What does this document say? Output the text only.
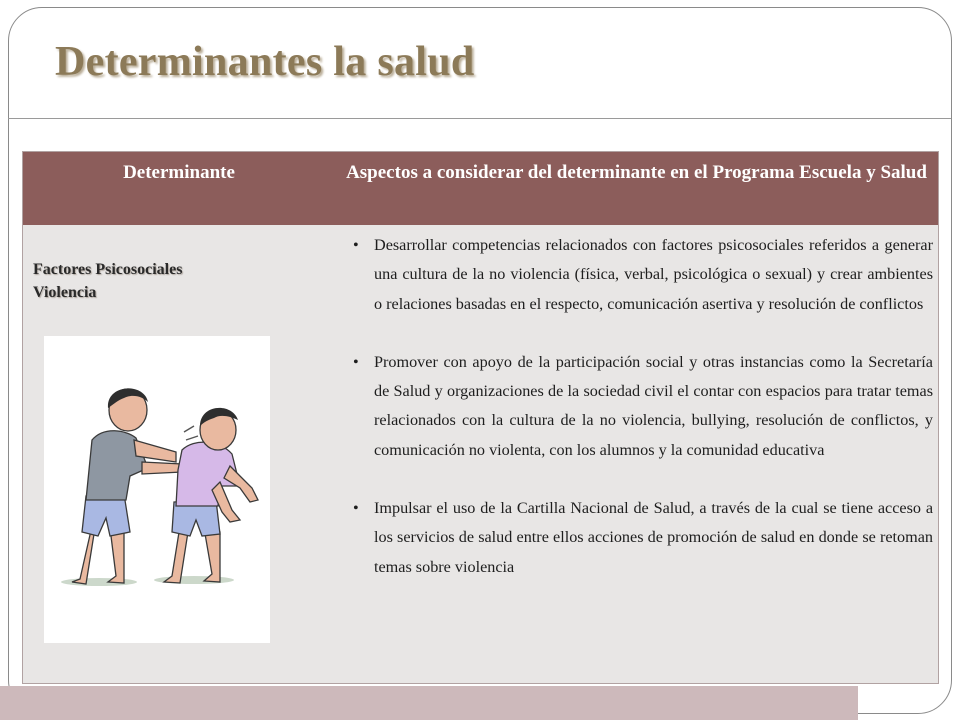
Determinantes la salud
Determinante	Aspectos a considerar del determinante en el Programa Escuela y Salud
Factores Psicosociales
Violencia
• Desarrollar competencias relacionados con factores psicosociales referidos a generar una cultura de la no violencia (física, verbal, psicológica o sexual) y crear ambientes o relaciones basadas en el respecto, comunicación asertiva y resolución de conflictos
• Promover con apoyo de la participación social y otras instancias como la Secretaría de Salud y organizaciones de la sociedad civil el contar con espacios para tratar temas relacionados con la cultura de la no violencia, bullying, resolución de conflictos, y comunicación no violenta, con los alumnos y la comunidad educativa
• Impulsar el uso de la Cartilla Nacional de Salud, a través de la cual se tiene acceso a los servicios de salud entre ellos acciones de promoción de salud en donde se retoman temas sobre violencia
